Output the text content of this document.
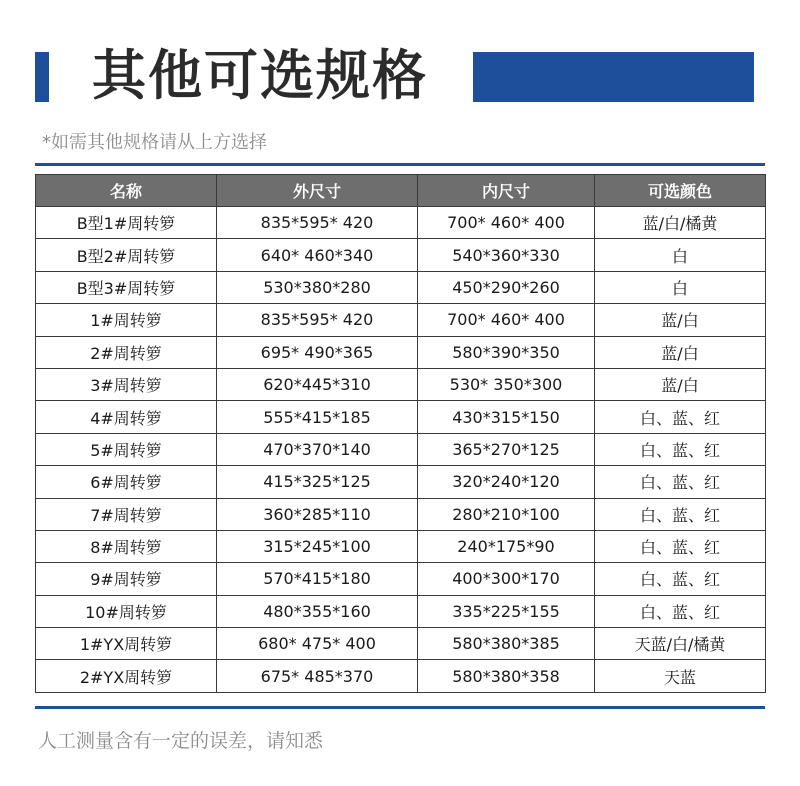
其他可选规格
*如需其他规格请从上方选择
名称	外尺寸	内尺寸	可选颜色
B型1#周转箩	835*595* 420	700* 460* 400	蓝/白/橘黄
B型2#周转箩	640* 460*340	540*360*330	白
B型3#周转箩	530*380*280	450*290*260	白
1#周转箩	835*595* 420	700* 460* 400	蓝/白
2#周转箩	695* 490*365	580*390*350	蓝/白
3#周转箩	620*445*310	530* 350*300	蓝/白
4#周转箩	555*415*185	430*315*150	白、蓝、红
5#周转箩	470*370*140	365*270*125	白、蓝、红
6#周转箩	415*325*125	320*240*120	白、蓝、红
7#周转箩	360*285*110	280*210*100	白、蓝、红
8#周转箩	315*245*100	240*175*90	白、蓝、红
9#周转箩	570*415*180	400*300*170	白、蓝、红
10#周转箩	480*355*160	335*225*155	白、蓝、红
1#YX周转箩	680* 475* 400	580*380*385	天蓝/白/橘黄
2#YX周转箩	675* 485*370	580*380*358	天蓝
人工测量含有一定的误差，请知悉
